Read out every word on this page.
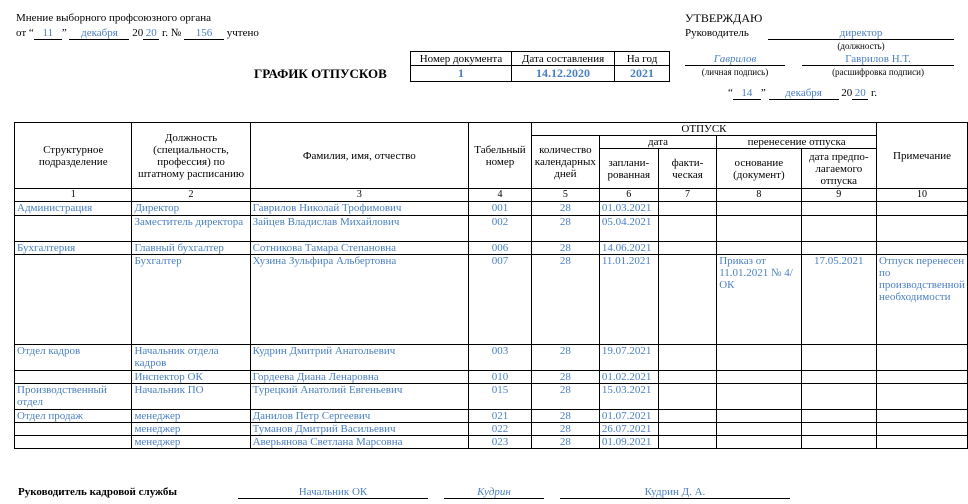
Мнение выборного профсоюзного органа
от “ 11 ” декабря 20 20 г. № 156 учтено
УТВЕРЖДАЮ
Руководитель	директор
(должность)
Гаврилов	Гаврилов Н.Т.
(личная подпись)	(расшифровка подписи)
“ 14 ” декабря 20 20 г.
ГРАФИК ОТПУСКОВ
Номер документа	Дата составления	На год
1	14.12.2020	2021
Структурное подразделение	Должность (специальность, профессия) по штатному расписанию	Фамилия, имя, отчество	Табельный номер	ОТПУСК					Примечание
				количество календарных дней	дата		перенесение отпуска		
					заплани-рованная	факти-ческая	основание (документ)	дата предпо-лагаемого отпуска	
1	2	3	4	5	6	7	8	9	10
Администрация	Директор	Гаврилов Николай Трофимович	001	28	01.03.2021				
	Заместитель директора	Зайцев Владислав Михайлович	002	28	05.04.2021				
Бухгалтерия	Главный бухгалтер	Сотникова Тамара Степановна	006	28	14.06.2021				
	Бухгалтер	Хузина Зульфира Альбертовна	007	28	11.01.2021		Приказ от 11.01.2021 № 4/ОК	17.05.2021	Отпуск перенесен по производственной необходимости
Отдел кадров	Начальник отдела кадров	Кудрин Дмитрий Анатольевич	003	28	19.07.2021				
	Инспектор ОК	Гордеева Диана Ленаровна	010	28	01.02.2021				
Производственный отдел	Начальник ПО	Турецкий Анатолий Евгеньевич	015	28	15.03.2021				
Отдел продаж	менеджер	Данилов Петр Сергеевич	021	28	01.07.2021				
	менеджер	Туманов Дмитрий Васильевич	022	28	26.07.2021				
	менеджер	Аверьянова Светлана Марсовна	023	28	01.09.2021				
Руководитель кадровой службы	Начальник ОК	Кудрин	Кудрин Д. А.
